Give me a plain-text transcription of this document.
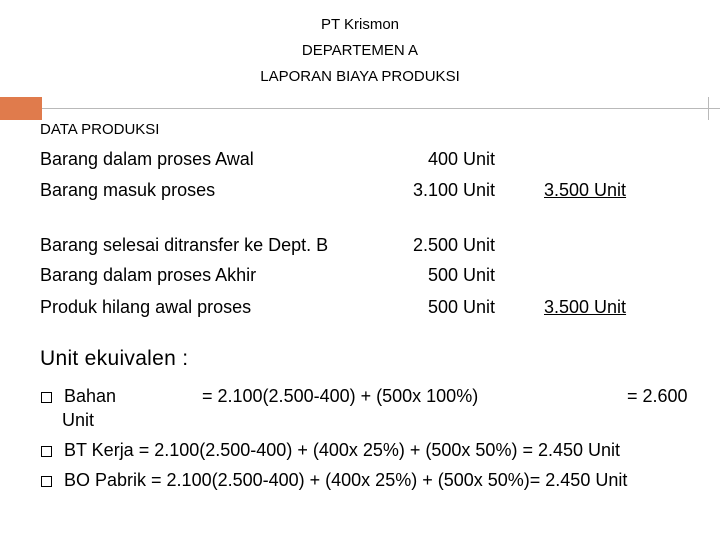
PT Krismon
DEPARTEMEN A
LAPORAN BIAYA PRODUKSI
DATA PRODUKSI
Barang dalam proses Awal	400 Unit
Barang masuk proses	3.100 Unit	3.500 Unit
Barang selesai ditransfer ke Dept. B	2.500 Unit
Barang dalam proses Akhir	500 Unit
Produk hilang awal proses	500 Unit	3.500 Unit
Unit ekuivalen :
Bahan	= 2.100(2.500-400) + (500x 100%)	= 2.600
Unit
BT Kerja = 2.100(2.500-400) + (400x 25%) + (500x 50%) = 2.450 Unit
BO Pabrik = 2.100(2.500-400) + (400x 25%) + (500x 50%)= 2.450 Unit
